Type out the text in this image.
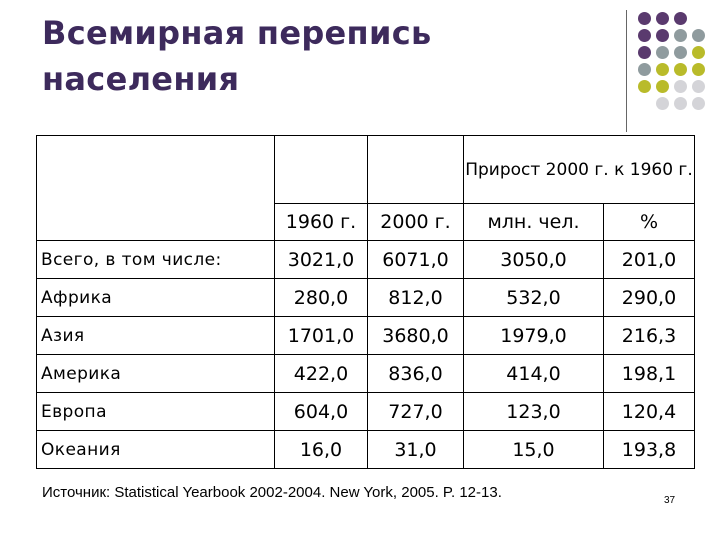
Всемирная перепись населения
			Прирост 2000 г. к 1960 г.	
	1960 г.	2000 г.	млн. чел.	%
Всего, в том числе:	3021,0	6071,0	3050,0	201,0
Африка	280,0	812,0	532,0	290,0
Азия	1701,0	3680,0	1979,0	216,3
Америка	422,0	836,0	414,0	198,1
Европа	604,0	727,0	123,0	120,4
Океания	16,0	31,0	15,0	193,8
Источник: Statistical Yearbook 2002-2004. New York, 2005. P. 12-13.	37
